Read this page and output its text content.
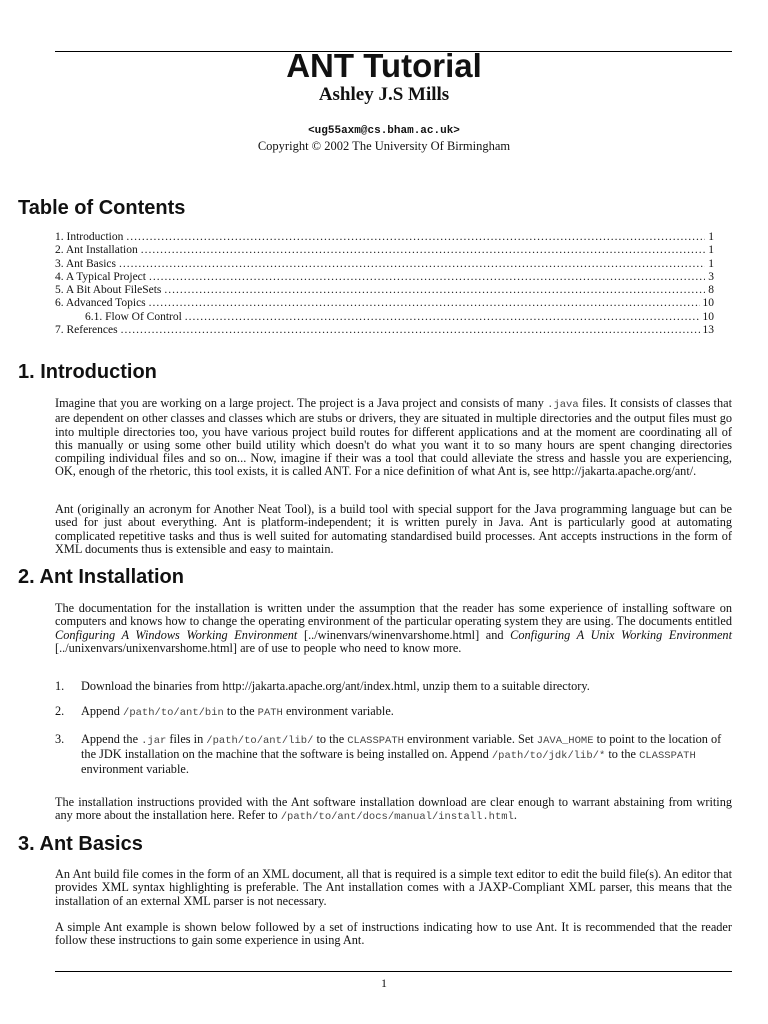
ANT Tutorial
Ashley J.S Mills
<ug55axm@cs.bham.ac.uk>
Copyright © 2002 The University Of Birmingham
Table of Contents
1. Introduction .....	1
2. Ant Installation .....	1
3. Ant Basics .....	1
4. A Typical Project .....	3
5. A Bit About FileSets .....	8
6. Advanced Topics .....	10
6.1. Flow Of Control .....	10
7. References .....	13
1. Introduction

Imagine that you are working on a large project. The project is a Java project and consists of many .java files. It consists of classes that are dependent on other classes and classes which are stubs or drivers, they are situated in multiple directories and the output files must go into multiple directories too, you have various project build routes for different applications and at the moment are coordinating all of this manually or using some other build utility which doesn't do what you want it to so many hours are spent changing directories compiling individual files and so on... Now, imagine if their was a tool that could alleviate the stress and hassle you are experiencing, OK, enough of the rhetoric, this tool exists, it is called ANT. For a nice definition of what Ant is, see http://jakarta.apache.org/ant/.

Ant (originally an acronym for Another Neat Tool), is a build tool with special support for the Java programming language but can be used for just about everything. Ant is platform-independent; it is written purely in Java. Ant is particularly good at automating complicated repetitive tasks and thus is well suited for automating standardised build processes. Ant accepts instructions in the form of XML documents thus is extensible and easy to maintain.

2. Ant Installation

The documentation for the installation is written under the assumption that the reader has some experience of installing software on computers and knows how to change the operating environment of the particular operating system they are using. The documents entitled Configuring A Windows Working Environment [../winenvars/winenvarshome.html] and Configuring A Unix Working Environment [../unixenvars/unixenvarshome.html] are of use to people who need to know more.

1. Download the binaries from http://jakarta.apache.org/ant/index.html, unzip them to a suitable directory.
2. Append /path/to/ant/bin to the PATH environment variable.
3. Append the .jar files in /path/to/ant/lib/ to the CLASSPATH environment variable. Set JAVA_HOME to point to the location of the JDK installation on the machine that the software is being installed on. Append /path/to/jdk/lib/* to the CLASSPATH environment variable.

The installation instructions provided with the Ant software installation download are clear enough to warrant abstaining from writing any more about the installation here. Refer to /path/to/ant/docs/manual/install.html.

3. Ant Basics

An Ant build file comes in the form of an XML document, all that is required is a simple text editor to edit the build file(s). An editor that provides XML syntax highlighting is preferable. The Ant installation comes with a JAXP-Compliant XML parser, this means that the installation of an external XML parser is not necessary.

A simple Ant example is shown below followed by a set of instructions indicating how to use Ant. It is recommended that the reader follow these instructions to gain some experience in using Ant.

1
